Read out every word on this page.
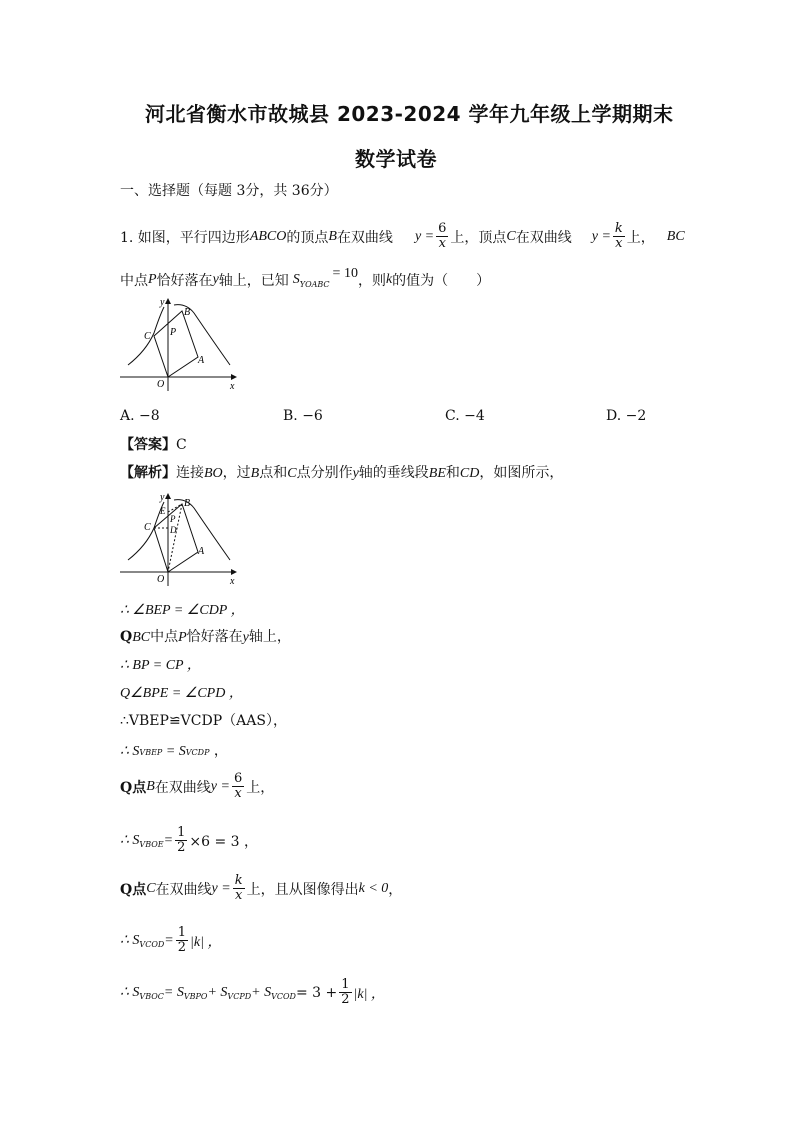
河北省衡水市故城县 2023-2024 学年九年级上学期期末
数学试卷
一、选择题（每题 3分，共 36分）
1. 如图，平行四边形 ABCO 的顶点 B 在双曲线 $y = \frac{6}{x}$ 上，顶点 C 在双曲线 $y = \frac{k}{x}$ 上， BC
中点 P 恰好落在 y 轴上，已知 S YOABC
= 10 ，则 k 的值为（　　）
y
x
O
B
C P
A
A. −8	B. −6	C. −4	D. −2
【答案】C
【解析】连接BO，过B点和C点分别作y轴的垂线段BE和CD，如图所示，
y
x
O
B
C
P
E
D
A
∴ ∠BEP = ∠CDP ，
QBC中点P恰好落在y轴上，
∴ BP = CP ，
Q∠BPE = ∠CPD ，
∴VBEP≌VCDP（AAS），
∴ SVBEP = SVCDP ，
Q点 B 在双曲线 $y = \frac{6}{x}$ 上，
∴ S VBOE = $\frac{1}{2} \times 6 = 3$ ，
Q点 C 在双曲线 $y = \frac{k}{x}$ 上，且从图像得出 k < 0 ，
∴ S VCOD = $\frac{1}{2} |k|$ ，
∴ S VBOC = S VBPO + S VCPD + S VCOD = $3 + \frac{1}{2} |k|$ ，
